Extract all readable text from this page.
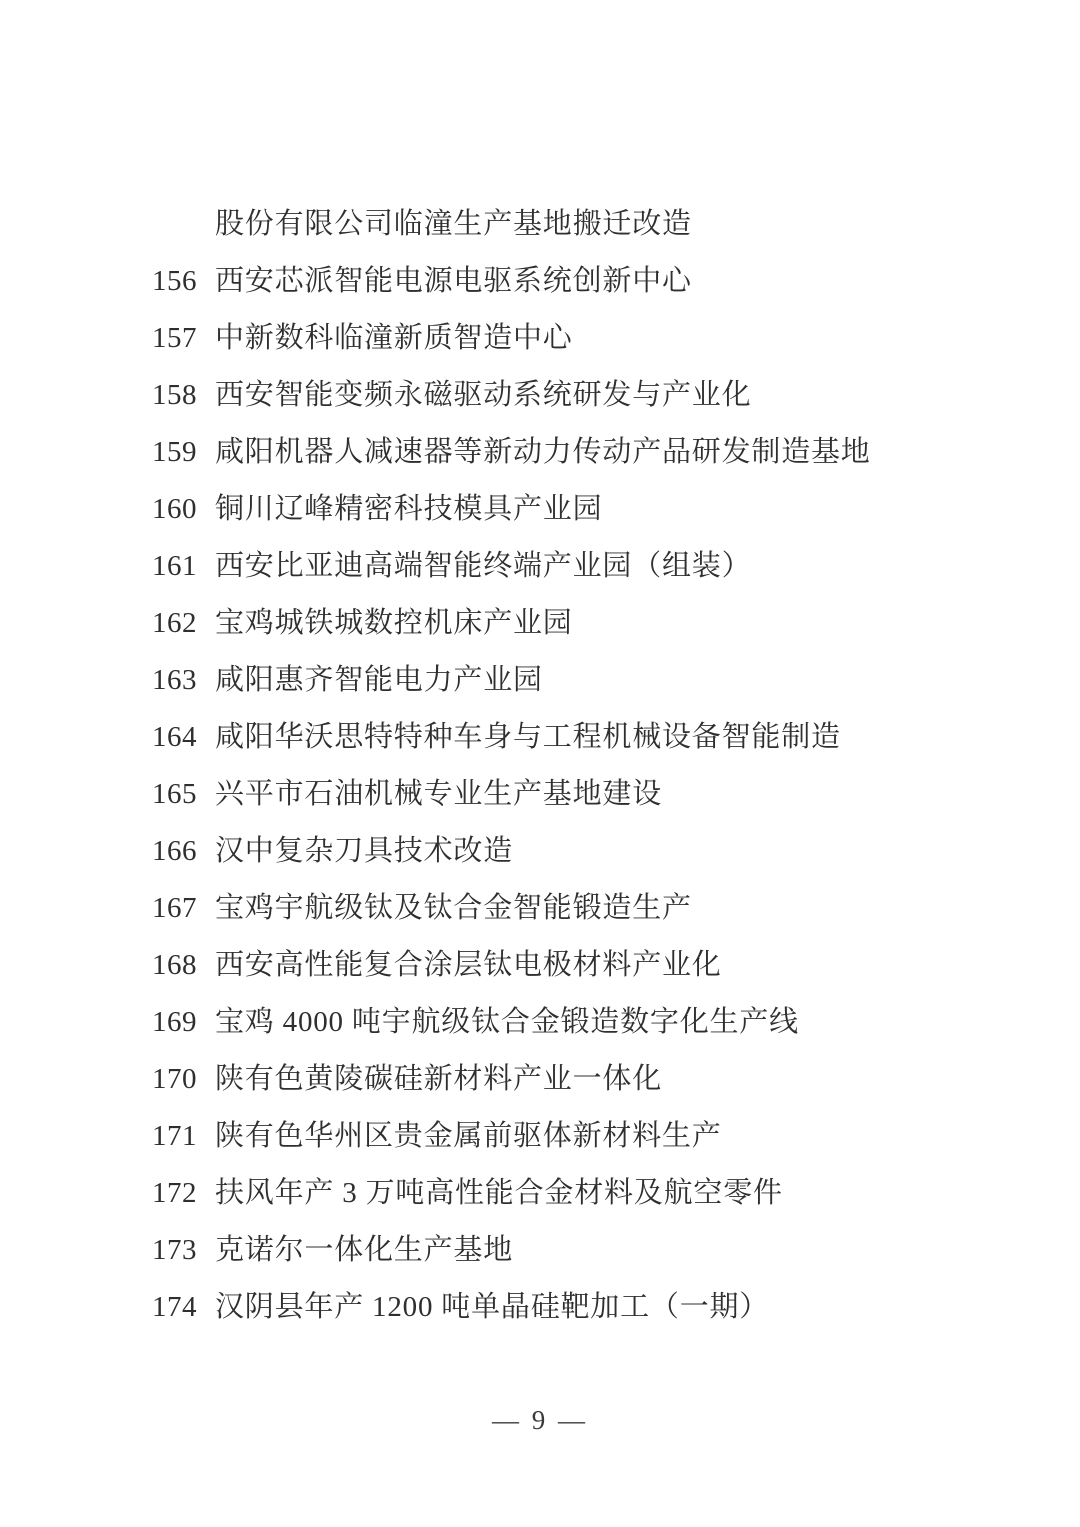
股份有限公司临潼生产基地搬迁改造
156 西安芯派智能电源电驱系统创新中心
157 中新数科临潼新质智造中心
158 西安智能变频永磁驱动系统研发与产业化
159 咸阳机器人减速器等新动力传动产品研发制造基地
160 铜川辽峰精密科技模具产业园
161 西安比亚迪高端智能终端产业园（组装）
162 宝鸡城铁城数控机床产业园
163 咸阳惠齐智能电力产业园
164 咸阳华沃思特特种车身与工程机械设备智能制造
165 兴平市石油机械专业生产基地建设
166 汉中复杂刀具技术改造
167 宝鸡宇航级钛及钛合金智能锻造生产
168 西安高性能复合涂层钛电极材料产业化
169 宝鸡 4000 吨宇航级钛合金锻造数字化生产线
170 陕有色黄陵碳硅新材料产业一体化
171 陕有色华州区贵金属前驱体新材料生产
172 扶风年产 3 万吨高性能合金材料及航空零件
173 克诺尔一体化生产基地
174 汉阴县年产 1200 吨单晶硅靶加工（一期）
— 9 —
